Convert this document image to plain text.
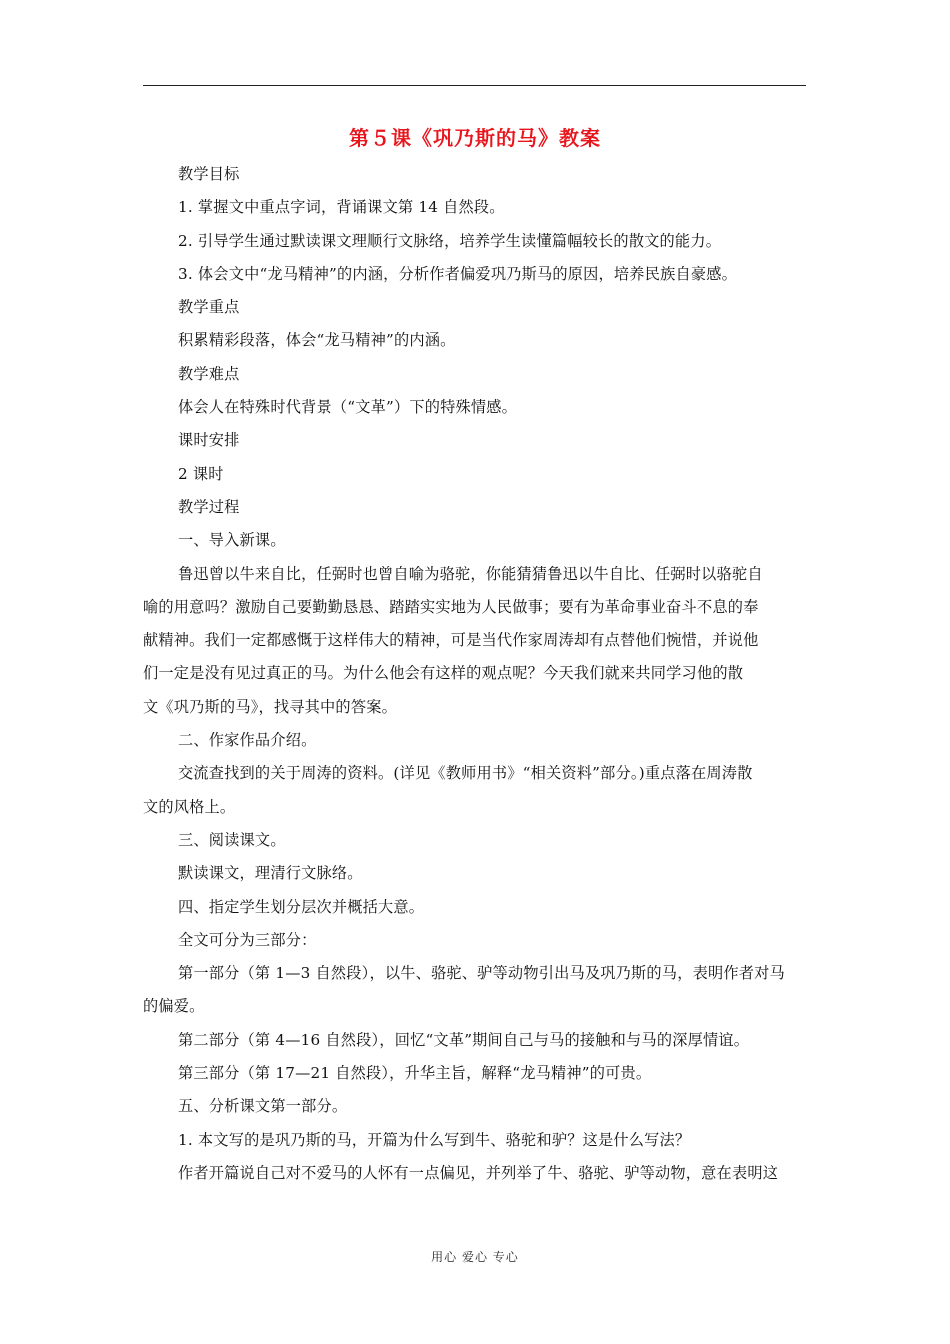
第５课《巩乃斯的马》教案
教学目标
1. 掌握文中重点字词，背诵课文第 14 自然段。
2. 引导学生通过默读课文理顺行文脉络，培养学生读懂篇幅较长的散文的能力。
3. 体会文中“龙马精神”的内涵，分析作者偏爱巩乃斯马的原因，培养民族自豪感。
教学重点
积累精彩段落，体会“龙马精神”的内涵。
教学难点
体会人在特殊时代背景（“文革”）下的特殊情感。
课时安排
2 课时
教学过程
一、导入新课。
鲁迅曾以牛来自比，任弼时也曾自喻为骆驼，你能猜猜鲁迅以牛自比、任弼时以骆驼自
喻的用意吗？激励自己要勤勤恳恳、踏踏实实地为人民做事；要有为革命事业奋斗不息的奉
献精神。我们一定都感慨于这样伟大的精神，可是当代作家周涛却有点替他们惋惜，并说他
们一定是没有见过真正的马。为什么他会有这样的观点呢？今天我们就来共同学习他的散
文《巩乃斯的马》，找寻其中的答案。
二、作家作品介绍。
交流查找到的关于周涛的资料。(详见《教师用书》“相关资料”部分。)重点落在周涛散
文的风格上。
三、阅读课文。
默读课文，理清行文脉络。
四、指定学生划分层次并概括大意。
全文可分为三部分：
第一部分（第 1—3 自然段），以牛、骆驼、驴等动物引出马及巩乃斯的马，表明作者对马
的偏爱。
第二部分（第 4—16 自然段），回忆“文革”期间自己与马的接触和与马的深厚情谊。
第三部分（第 17—21 自然段），升华主旨，解释“龙马精神”的可贵。
五、分析课文第一部分。
1. 本文写的是巩乃斯的马，开篇为什么写到牛、骆驼和驴？这是什么写法？
作者开篇说自己对不爱马的人怀有一点偏见，并列举了牛、骆驼、驴等动物，意在表明这
用心 爱心 专心
